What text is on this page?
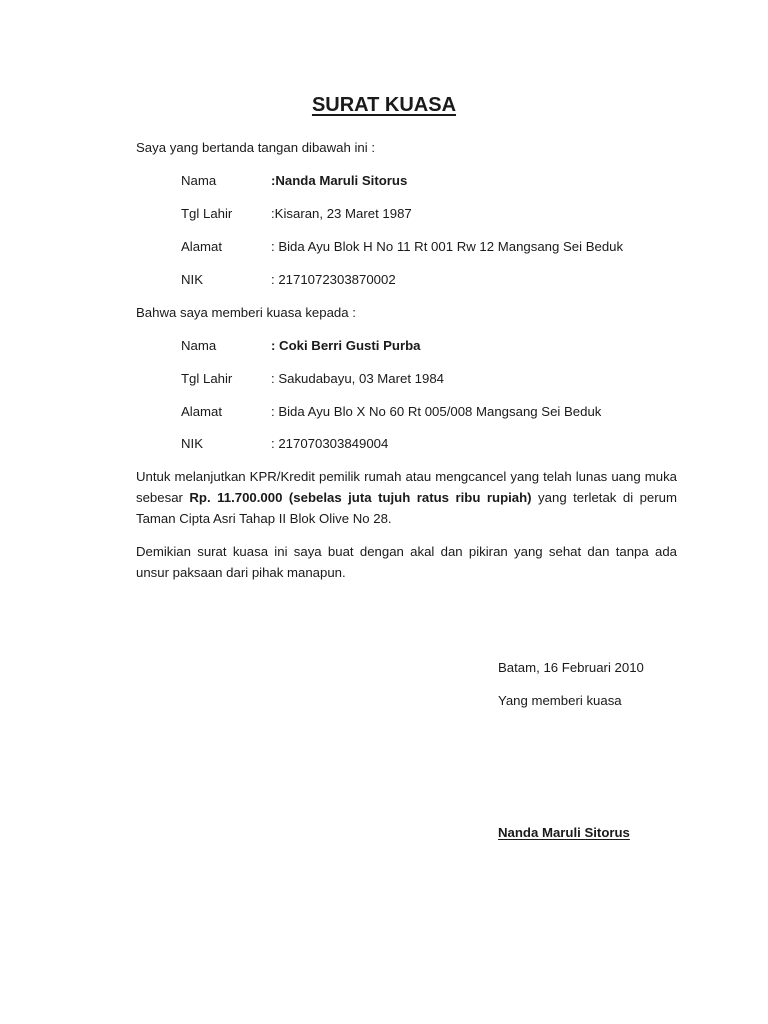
SURAT KUASA
Saya yang bertanda tangan dibawah ini :
Nama	:Nanda Maruli Sitorus
Tgl Lahir	:Kisaran, 23 Maret 1987
Alamat	: Bida Ayu Blok H No 11 Rt 001 Rw 12 Mangsang Sei Beduk
NIK	: 2171072303870002
Bahwa saya memberi kuasa kepada :
Nama	: Coki Berri Gusti Purba
Tgl Lahir	: Sakudabayu, 03 Maret 1984
Alamat	: Bida Ayu Blo X No 60 Rt 005/008 Mangsang Sei Beduk
NIK	: 217070303849004
Untuk melanjutkan KPR/Kredit pemilik rumah atau mengcancel yang telah lunas uang muka sebesar Rp. 11.700.000 (sebelas juta tujuh ratus ribu rupiah) yang terletak di perum Taman Cipta Asri Tahap II Blok Olive No 28.
Demikian surat kuasa ini saya buat dengan akal dan pikiran yang sehat dan tanpa ada unsur paksaan dari pihak manapun.
Batam, 16 Februari 2010
Yang memberi kuasa
Nanda Maruli Sitorus
